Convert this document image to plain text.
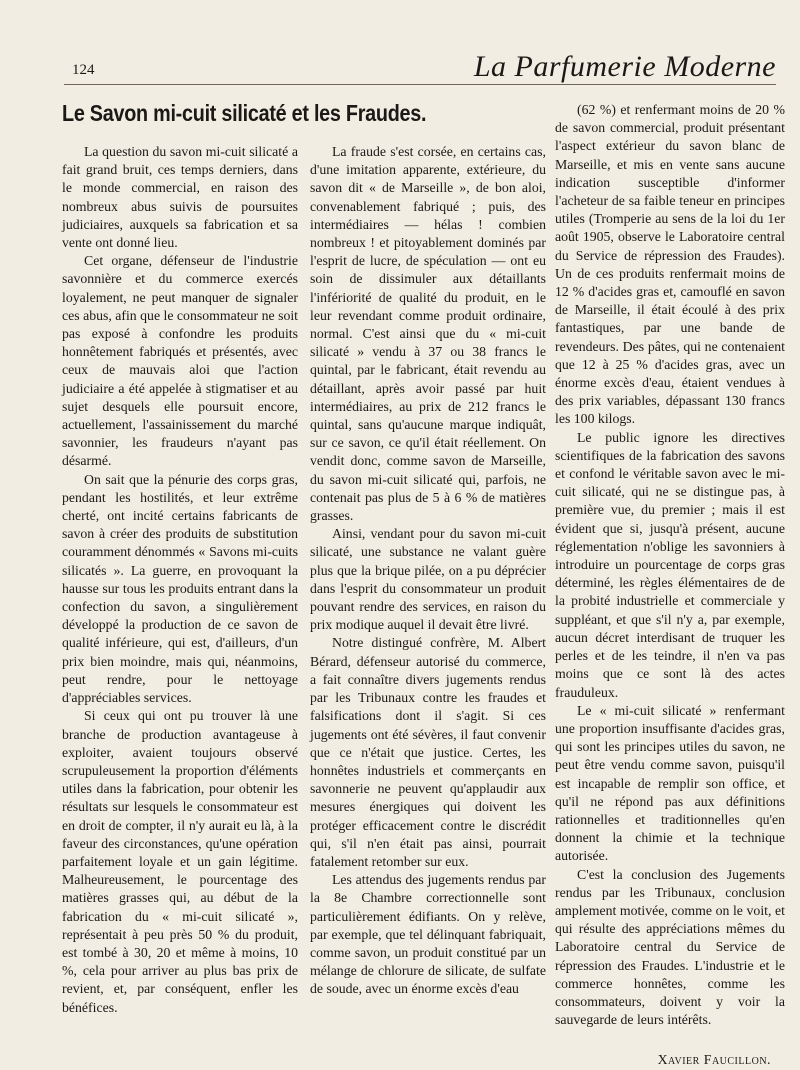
124	La Parfumerie Moderne
Le Savon mi-cuit silicaté et les Fraudes.

La question du savon mi-cuit silicaté a fait grand bruit, ces temps derniers, dans le monde commercial, en raison des nombreux abus suivis de poursuites judiciaires, auxquels sa fabrication et sa vente ont donné lieu.

Cet organe, défenseur de l'industrie savonnière et du commerce exercés loyalement, ne peut manquer de signaler ces abus, afin que le consommateur ne soit pas exposé à confondre les produits honnêtement fabriqués et présentés, avec ceux de mauvais aloi que l'action judiciaire a été appelée à stigmatiser et au sujet desquels elle poursuit encore, actuellement, l'assainissement du marché savonnier, les fraudeurs n'ayant pas désarmé.

On sait que la pénurie des corps gras, pendant les hostilités, et leur extrême cherté, ont incité certains fabricants de savon à créer des produits de substitution couramment dénommés « Savons mi-cuits silicatés ». La guerre, en provoquant la hausse sur tous les produits entrant dans la confection du savon, a singulièrement développé la production de ce savon de qualité inférieure, qui est, d'ailleurs, d'un prix bien moindre, mais qui, néanmoins, peut rendre, pour le nettoyage d'appréciables services.

Si ceux qui ont pu trouver là une branche de production avantageuse à exploiter, avaient toujours observé scrupuleusement la proportion d'éléments utiles dans la fabrication, pour obtenir les résultats sur lesquels le consommateur est en droit de compter, il n'y aurait eu là, à la faveur des circonstances, qu'une opération parfaitement loyale et un gain légitime. Malheureusement, le pourcentage des matières grasses qui, au début de la fabrication du « mi-cuit silicaté », représentait à peu près 50 % du produit, est tombé à 30, 20 et même à moins, 10 %, cela pour arriver au plus bas prix de revient, et, par conséquent, enfler les bénéfices.

La fraude s'est corsée, en certains cas, d'une imitation apparente, extérieure, du savon dit « de Marseille », de bon aloi, convenablement fabriqué ; puis, des intermédiaires — hélas ! combien nombreux ! et pitoyablement dominés par l'esprit de lucre, de spéculation — ont eu soin de dissimuler aux détaillants l'infériorité de qualité du produit, en le leur revendant comme produit ordinaire, normal. C'est ainsi que du « mi-cuit silicaté » vendu à 37 ou 38 francs le quintal, par le fabricant, était revendu au détaillant, après avoir passé par huit intermédiaires, au prix de 212 francs le quintal, sans qu'aucune marque indiquât, sur ce savon, ce qu'il était réellement. On vendit donc, comme savon de Marseille, du savon mi-cuit silicaté qui, parfois, ne contenait pas plus de 5 à 6 % de matières grasses.

Ainsi, vendant pour du savon mi-cuit silicaté, une substance ne valant guère plus que la brique pilée, on a pu déprécier dans l'esprit du consommateur un produit pouvant rendre des services, en raison du prix modique auquel il devait être livré.

Notre distingué confrère, M. Albert Bérard, défenseur autorisé du commerce, a fait connaître divers jugements rendus par les Tribunaux contre les fraudes et falsifications dont il s'agit. Si ces jugements ont été sévères, il faut convenir que ce n'était que justice. Certes, les honnêtes industriels et commerçants en savonnerie ne peuvent qu'applaudir aux mesures énergiques qui doivent les protéger efficacement contre le discrédit qui, s'il n'en était pas ainsi, pourrait fatalement retomber sur eux.

Les attendus des jugements rendus par la 8e Chambre correctionnelle sont particulièrement édifiants. On y relève, par exemple, que tel délinquant fabriquait, comme savon, un produit constitué par un mélange de chlorure de silicate, de sulfate de soude, avec un énorme excès d'eau

(62 %) et renfermant moins de 20 % de savon commercial, produit présentant l'aspect extérieur du savon blanc de Marseille, et mis en vente sans aucune indication susceptible d'informer l'acheteur de sa faible teneur en principes utiles (Tromperie au sens de la loi du 1er août 1905, observe le Laboratoire central du Service de répression des Fraudes). Un de ces produits renfermait moins de 12 % d'acides gras et, camouflé en savon de Marseille, il était écoulé à des prix fantastiques, par une bande de revendeurs. Des pâtes, qui ne contenaient que 12 à 25 % d'acides gras, avec un énorme excès d'eau, étaient vendues à des prix variables, dépassant 130 francs les 100 kilogs.

Le public ignore les directives scientifiques de la fabrication des savons et confond le véritable savon avec le mi-cuit silicaté, qui ne se distingue pas, à première vue, du premier ; mais il est évident que si, jusqu'à présent, aucune réglementation n'oblige les savonniers à introduire un pourcentage de corps gras déterminé, les règles élémentaires de de la probité industrielle et commerciale y suppléant, et que s'il n'y a, par exemple, aucun décret interdisant de truquer les perles et de les teindre, il n'en va pas moins que ce sont là des actes frauduleux.

Le « mi-cuit silicaté » renfermant une proportion insuffisante d'acides gras, qui sont les principes utiles du savon, ne peut être vendu comme savon, puisqu'il est incapable de remplir son office, et qu'il ne répond pas aux définitions rationnelles et traditionnelles qu'en donnent la chimie et la technique autorisée.

C'est la conclusion des Jugements rendus par les Tribunaux, conclusion amplement motivée, comme on le voit, et qui résulte des appréciations mêmes du Laboratoire central du Service de répression des Fraudes. L'industrie et le commerce honnêtes, comme les consommateurs, doivent y voir la sauvegarde de leurs intérêts.

Xavier Faucillon.
